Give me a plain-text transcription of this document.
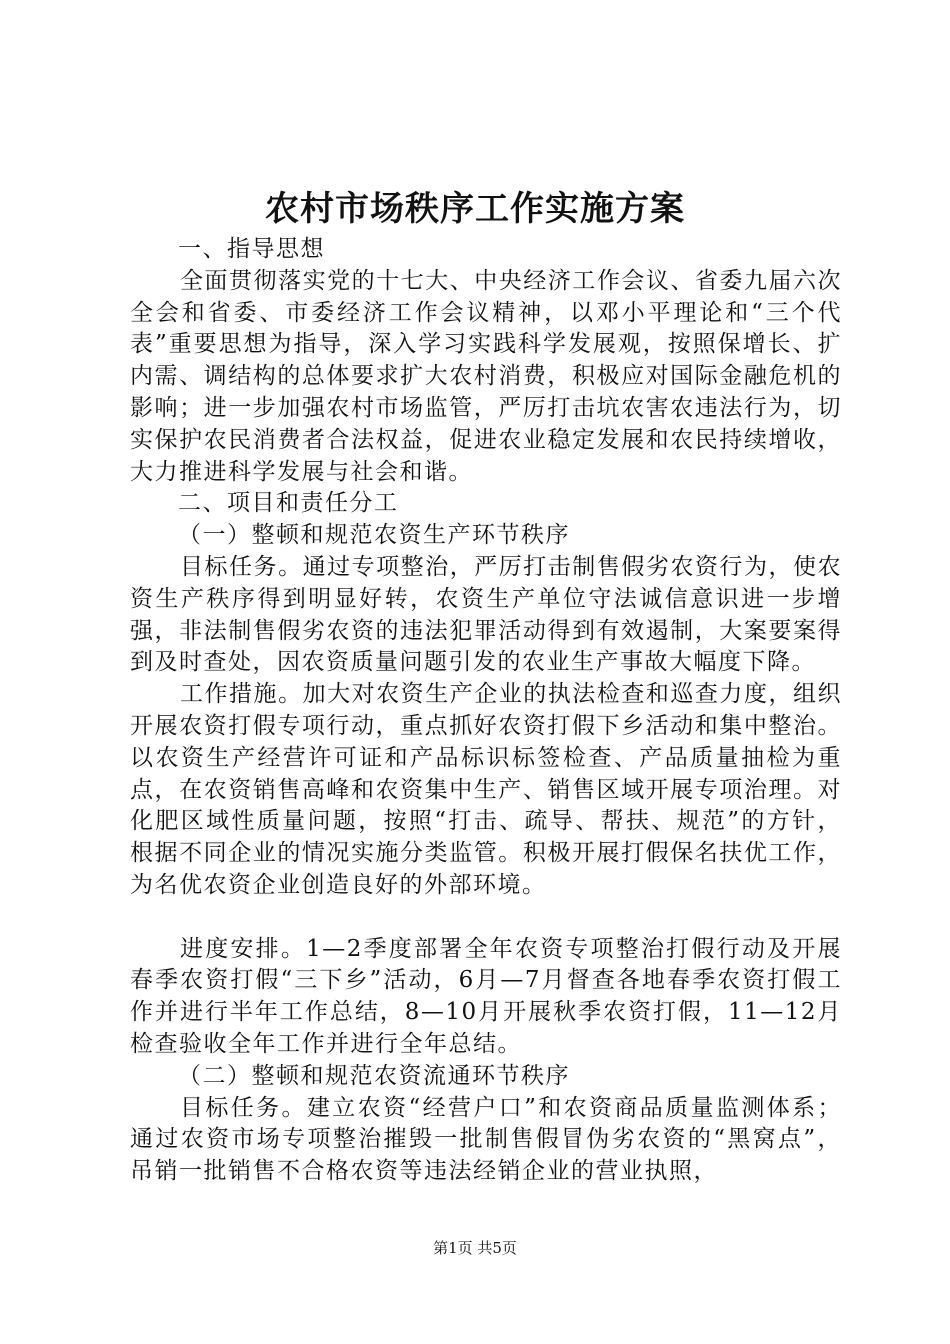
农村市场秩序工作实施方案

一、指导思想

全面贯彻落实党的十七大、中央经济工作会议、省委九届六次全会和省委、市委经济工作会议精神，以邓小平理论和“三个代表”重要思想为指导，深入学习实践科学发展观，按照保增长、扩内需、调结构的总体要求扩大农村消费，积极应对国际金融危机的影响；进一步加强农村市场监管，严厉打击坑农害农违法行为，切实保护农民消费者合法权益，促进农业稳定发展和农民持续增收，大力推进科学发展与社会和谐。

二、项目和责任分工

（一）整顿和规范农资生产环节秩序

目标任务。通过专项整治，严厉打击制售假劣农资行为，使农资生产秩序得到明显好转，农资生产单位守法诚信意识进一步增强，非法制售假劣农资的违法犯罪活动得到有效遏制，大案要案得到及时查处，因农资质量问题引发的农业生产事故大幅度下降。

工作措施。加大对农资生产企业的执法检查和巡查力度，组织开展农资打假专项行动，重点抓好农资打假下乡活动和集中整治。以农资生产经营许可证和产品标识标签检查、产品质量抽检为重点，在农资销售高峰和农资集中生产、销售区域开展专项治理。对化肥区域性质量问题，按照“打击、疏导、帮扶、规范”的方针，根据不同企业的情况实施分类监管。积极开展打假保名扶优工作，为名优农资企业创造良好的外部环境。

进度安排。1—2季度部署全年农资专项整治打假行动及开展春季农资打假“三下乡”活动，6月—7月督查各地春季农资打假工作并进行半年工作总结，8—10月开展秋季农资打假，11—12月检查验收全年工作并进行全年总结。

（二）整顿和规范农资流通环节秩序

目标任务。建立农资“经营户口”和农资商品质量监测体系；通过农资市场专项整治摧毁一批制售假冒伪劣农资的“黑窝点”，吊销一批销售不合格农资等违法经销企业的营业执照，

第1页 共5页
